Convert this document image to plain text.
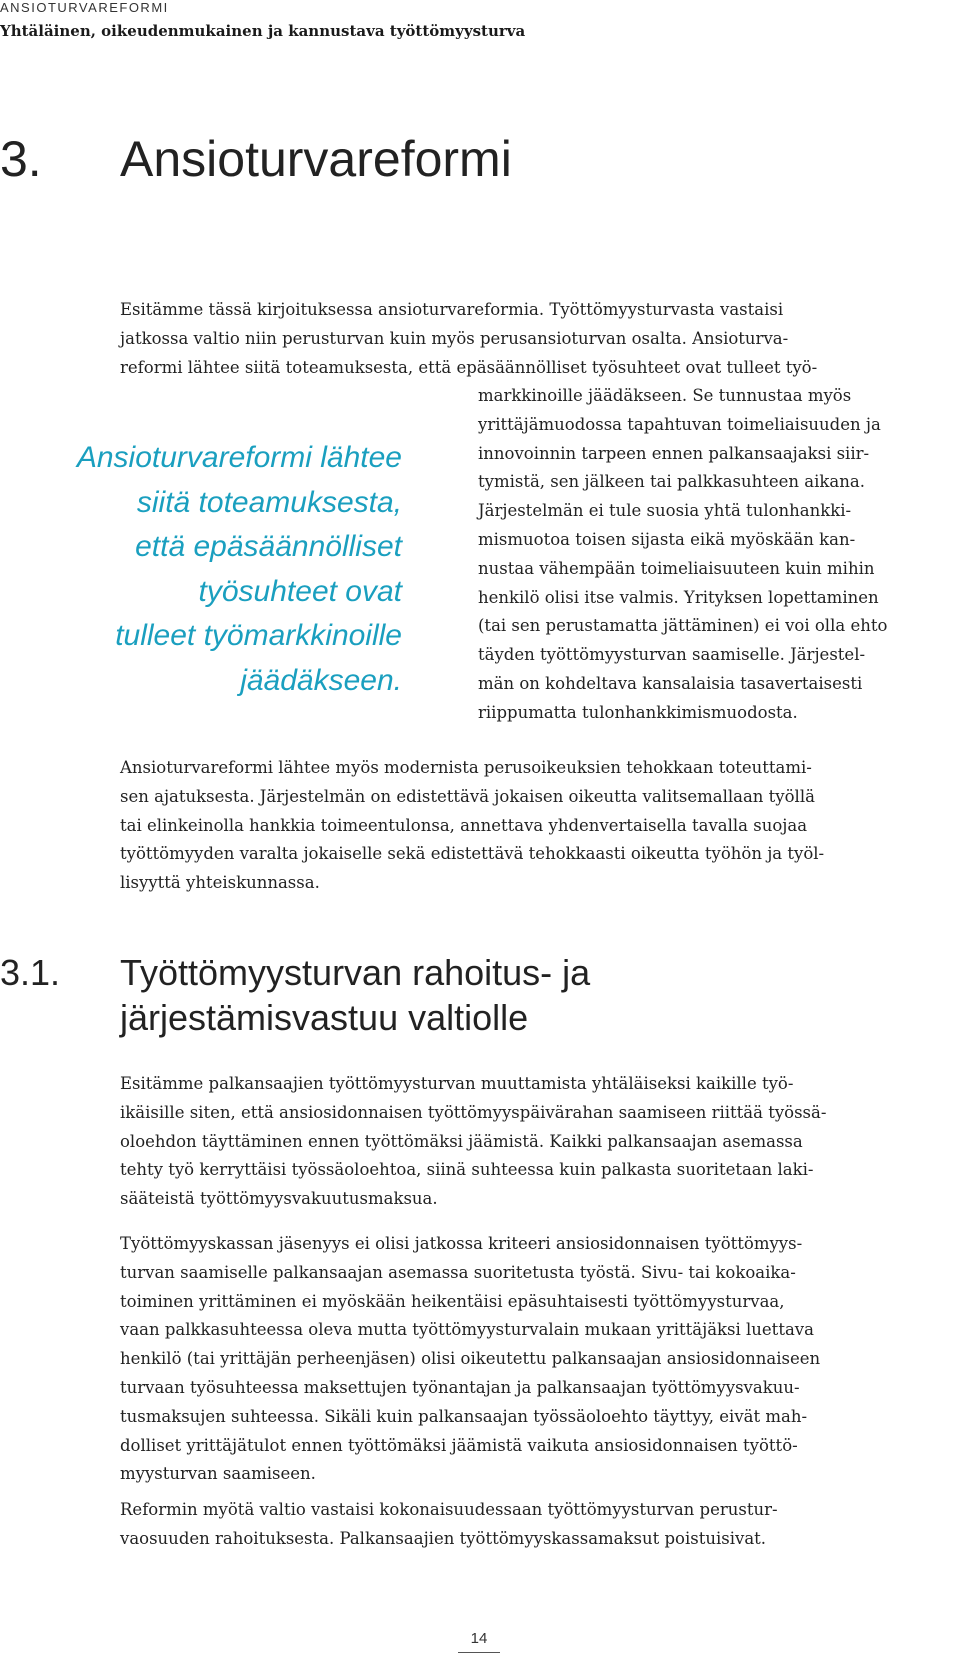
ANSIOTURVAREFORMI
Yhtäläinen, oikeudenmukainen ja kannustava työttömyysturva
3. Ansioturvareformi
Esitämme tässä kirjoituksessa ansioturvareformia. Työttömyysturvasta vastaisi
jatkossa valtio niin perusturvan kuin myös perusansioturvan osalta. Ansioturva-
reformi lähtee siitä toteamuksesta, että epäsäännölliset työsuhteet ovat tulleet työ-
markkinoille jäädäkseen. Se tunnustaa myös
yrittäjämuodossa tapahtuvan toimeliaisuuden ja
innovoinnin tarpeen ennen palkansaajaksi siir-
tymistä, sen jälkeen tai palkkasuhteen aikana.
Järjestelmän ei tule suosia yhtä tulonhankki-
mismuotoa toisen sijasta eikä myöskään kan-
nustaa vähempään toimeliaisuuteen kuin mihin
henkilö olisi itse valmis. Yrityksen lopettaminen
(tai sen perustamatta jättäminen) ei voi olla ehto
täyden työttömyysturvan saamiselle. Järjestel-
män on kohdeltava kansalaisia tasavertaisesti
riippumatta tulonhankkimismuodosta.
Ansioturvareformi lähtee
siitä toteamuksesta,
että epäsäännölliset
työsuhteet ovat
tulleet työmarkkinoille
jäädäkseen.
Ansioturvareformi lähtee myös modernista perusoikeuksien tehokkaan toteuttami-
sen ajatuksesta. Järjestelmän on edistettävä jokaisen oikeutta valitsemallaan työllä
tai elinkeinolla hankkia toimeentulonsa, annettava yhdenvertaisella tavalla suojaa
työttömyyden varalta jokaiselle sekä edistettävä tehokkaasti oikeutta työhön ja työl-
lisyyttä yhteiskunnassa.
3.1. Työttömyysturvan rahoitus- ja
järjestämisvastuu valtiolle
Esitämme palkansaajien työttömyysturvan muuttamista yhtäläiseksi kaikille työ-
ikäisille siten, että ansiosidonnaisen työttömyyspäivärahan saamiseen riittää työssä-
oloehdon täyttäminen ennen työttömäksi jäämistä. Kaikki palkansaajan asemassa
tehty työ kerryttäisi työssäoloehtoa, siinä suhteessa kuin palkasta suoritetaan laki-
sääteistä työttömyysvakuutusmaksua.
Työttömyyskassan jäsenyys ei olisi jatkossa kriteeri ansiosidonnaisen työttömyys-
turvan saamiselle palkansaajan asemassa suoritetusta työstä. Sivu- tai kokoaika-
toiminen yrittäminen ei myöskään heikentäisi epäsuhtaisesti työttömyysturvaa,
vaan palkkasuhteessa oleva mutta työttömyysturvalain mukaan yrittäjäksi luettava
henkilö (tai yrittäjän perheenjäsen) olisi oikeutettu palkansaajan ansiosidonnaiseen
turvaan työsuhteessa maksettujen työnantajan ja palkansaajan työttömyysvakuu-
tusmaksujen suhteessa. Sikäli kuin palkansaajan työssäoloehto täyttyy, eivät mah-
dolliset yrittäjätulot ennen työttömäksi jäämistä vaikuta ansiosidonnaisen työttö-
myysturvan saamiseen.
Reformin myötä valtio vastaisi kokonaisuudessaan työttömyysturvan perustur-
vaosuuden rahoituksesta. Palkansaajien työttömyyskassamaksut poistuisivat.
14
